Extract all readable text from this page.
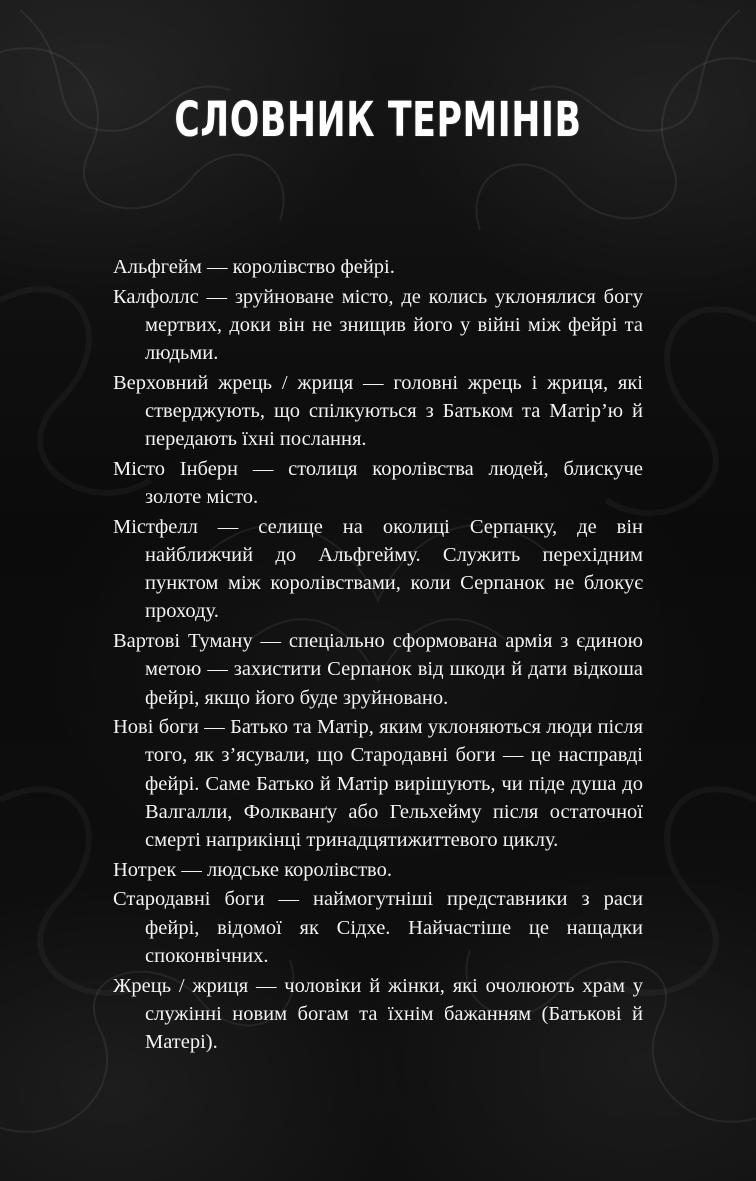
СЛОВНИК ТЕРМІНІВ

Альфгейм — королівство фейрі.

Калфоллс — зруйноване місто, де колись уклонялися богу мертвих, доки він не знищив його у війні між фейрі та людьми.

Верховний жрець / жриця — головні жрець і жриця, які стверджують, що спілкуються з Батьком та Матір’ю й передають їхні послання.

Місто Інберн — столиця королівства людей, блискуче золоте місто.

Містфелл — селище на околиці Серпанку, де він найближчий до Альфгейму. Служить перехідним пунктом між королівствами, коли Серпанок не блокує проходу.

Вартові Туману — спеціально сформована армія з єдиною метою — захистити Серпанок від шкоди й дати відкоша фейрі, якщо його буде зруйновано.

Нові боги — Батько та Матір, яким уклоняються люди після того, як з’ясували, що Стародавні боги — це насправді фейрі. Саме Батько й Матір вирішують, чи піде душа до Валгалли, Фолкванґу або Гельхейму після остаточної смерті наприкінці тринадцятижиттевого циклу.

Нотрек — людське королівство.

Стародавні боги — наймогутніші представники з раси фейрі, відомої як Сідхе. Найчастіше це нащадки споконвічних.

Жрець / жриця — чоловіки й жінки, які очолюють храм у служінні новим богам та їхнім бажанням (Батькові й Матері).
